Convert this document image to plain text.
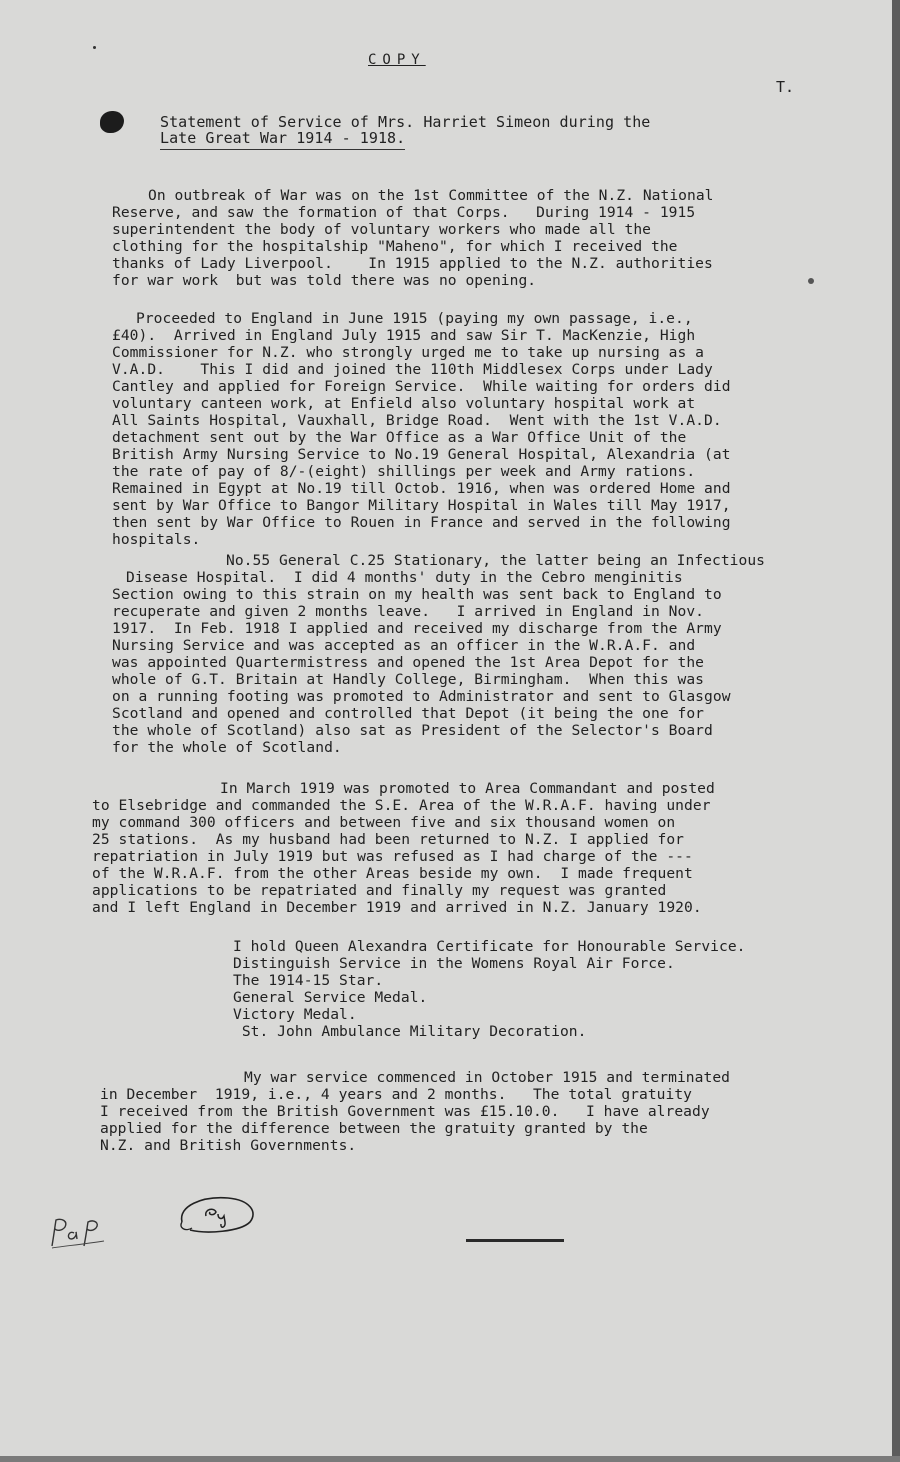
COPY
T.
Statement of Service of Mrs. Harriet Simeon during the
Late Great War 1914 - 1918.
On outbreak of War was on the 1st Committee of the N.Z. National
Reserve, and saw the formation of that Corps.   During 1914 - 1915
superintendent the body of voluntary workers who made all the
clothing for the hospitalship "Maheno", for which I received the
thanks of Lady Liverpool.    In 1915 applied to the N.Z. authorities
for war work  but was told there was no opening.
Proceeded to England in June 1915 (paying my own passage, i.e.,
£40).  Arrived in England July 1915 and saw Sir T. MacKenzie, High
Commissioner for N.Z. who strongly urged me to take up nursing as a
V.A.D.    This I did and joined the 110th Middlesex Corps under Lady
Cantley and applied for Foreign Service.  While waiting for orders did
voluntary canteen work, at Enfield also voluntary hospital work at
All Saints Hospital, Vauxhall, Bridge Road.  Went with the 1st V.A.D.
detachment sent out by the War Office as a War Office Unit of the
British Army Nursing Service to No.19 General Hospital, Alexandria (at
the rate of pay of 8/-(eight) shillings per week and Army rations.
Remained in Egypt at No.19 till Octob. 1916, when was ordered Home and
sent by War Office to Bangor Military Hospital in Wales till May 1917,
then sent by War Office to Rouen in France and served in the following
hospitals.
No.55 General C.25 Stationary, the latter being an Infectious
Disease Hospital.  I did 4 months' duty in the Cebro menginitis
Section owing to this strain on my health was sent back to England to
recuperate and given 2 months leave.   I arrived in England in Nov.
1917.  In Feb. 1918 I applied and received my discharge from the Army
Nursing Service and was accepted as an officer in the W.R.A.F. and
was appointed Quartermistress and opened the 1st Area Depot for the
whole of G.T. Britain at Handly College, Birmingham.  When this was
on a running footing was promoted to Administrator and sent to Glasgow
Scotland and opened and controlled that Depot (it being the one for
the whole of Scotland) also sat as President of the Selector's Board
for the whole of Scotland.
In March 1919 was promoted to Area Commandant and posted
to Elsebridge and commanded the S.E. Area of the W.R.A.F. having under
my command 300 officers and between five and six thousand women on
25 stations.  As my husband had been returned to N.Z. I applied for
repatriation in July 1919 but was refused as I had charge of the ---
of the W.R.A.F. from the other Areas beside my own.  I made frequent
applications to be repatriated and finally my request was granted
and I left England in December 1919 and arrived in N.Z. January 1920.
I hold Queen Alexandra Certificate for Honourable Service.
Distinguish Service in the Womens Royal Air Force.
The 1914-15 Star.
General Service Medal.
Victory Medal.
St. John Ambulance Military Decoration.
My war service commenced in October 1915 and terminated
in December  1919, i.e., 4 years and 2 months.   The total gratuity
I received from the British Government was £15.10.0.   I have already
applied for the difference between the gratuity granted by the
N.Z. and British Governments.
